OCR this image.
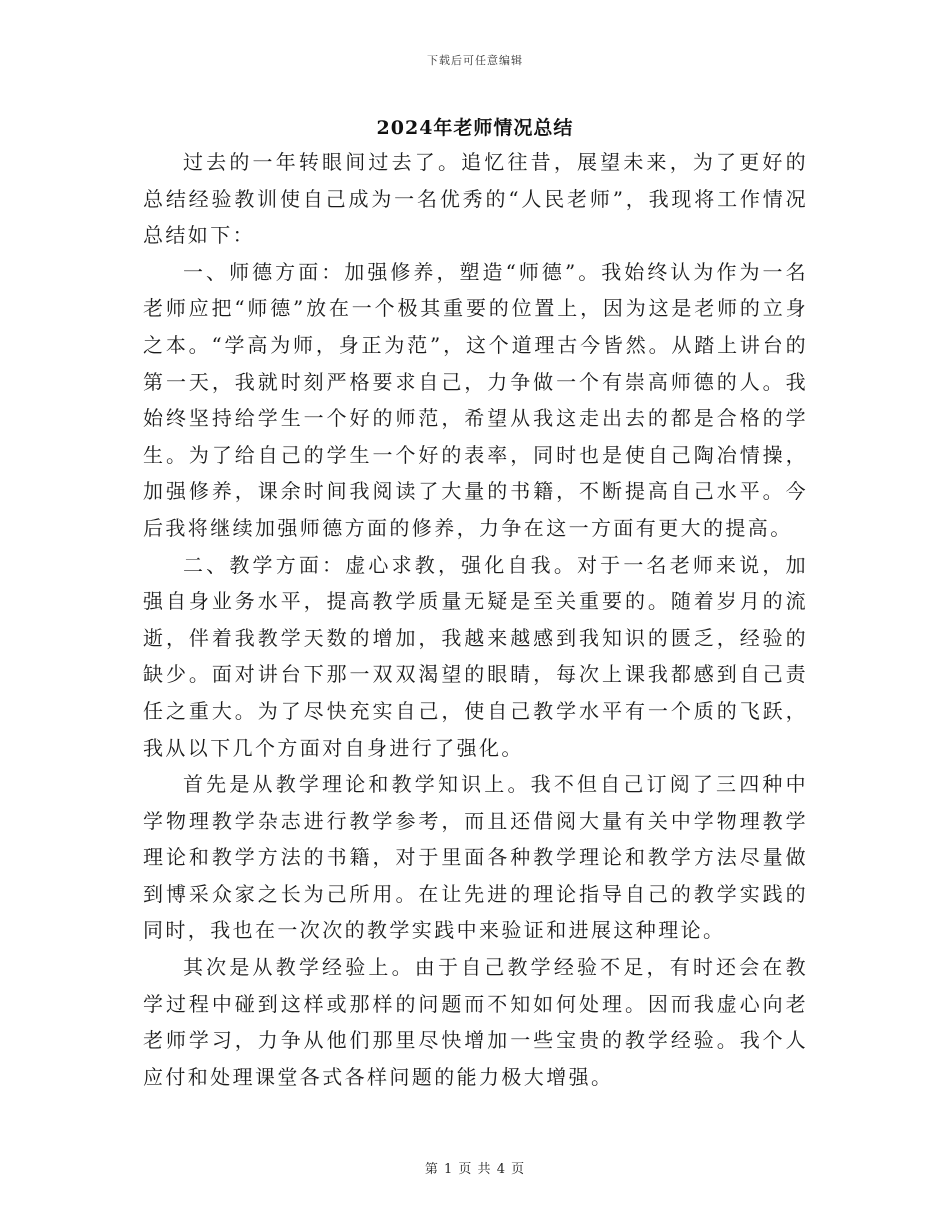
下载后可任意编辑
2024年老师情况总结

过去的一年转眼间过去了。追忆往昔，展望未来，为了更好的总结经验教训使自己成为一名优秀的“人民老师”，我现将工作情况总结如下：

一、师德方面：加强修养，塑造“师德”。我始终认为作为一名老师应把“师德”放在一个极其重要的位置上，因为这是老师的立身之本。“学高为师，身正为范”，这个道理古今皆然。从踏上讲台的第一天，我就时刻严格要求自己，力争做一个有崇高师德的人。我始终坚持给学生一个好的师范，希望从我这走出去的都是合格的学生。为了给自己的学生一个好的表率，同时也是使自己陶冶情操，加强修养，课余时间我阅读了大量的书籍，不断提高自己水平。今后我将继续加强师德方面的修养，力争在这一方面有更大的提高。

二、教学方面：虚心求教，强化自我。对于一名老师来说，加强自身业务水平，提高教学质量无疑是至关重要的。随着岁月的流逝，伴着我教学天数的增加，我越来越感到我知识的匮乏，经验的缺少。面对讲台下那一双双渴望的眼睛，每次上课我都感到自己责任之重大。为了尽快充实自己，使自己教学水平有一个质的飞跃，我从以下几个方面对自身进行了强化。

首先是从教学理论和教学知识上。我不但自己订阅了三四种中学物理教学杂志进行教学参考，而且还借阅大量有关中学物理教学理论和教学方法的书籍，对于里面各种教学理论和教学方法尽量做到博采众家之长为己所用。在让先进的理论指导自己的教学实践的同时，我也在一次次的教学实践中来验证和进展这种理论。

其次是从教学经验上。由于自己教学经验不足，有时还会在教学过程中碰到这样或那样的问题而不知如何处理。因而我虚心向老老师学习，力争从他们那里尽快增加一些宝贵的教学经验。我个人应付和处理课堂各式各样问题的能力极大增强。

第 1 页 共 4 页
